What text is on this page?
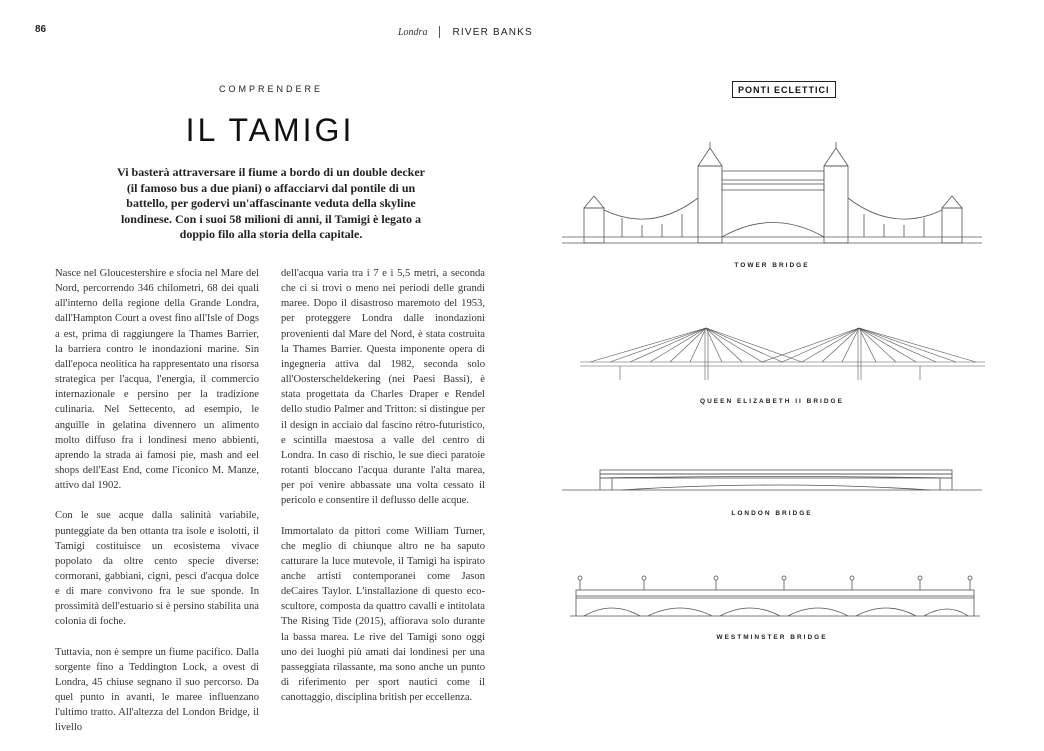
86	Londra	RIVER BANKS
COMPRENDERE
IL TAMIGI

Vi basterà attraversare il fiume a bordo di un double decker (il famoso bus a due piani) o affacciarvi dal pontile di un battello, per godervi un'affascinante veduta della skyline londinese. Con i suoi 58 milioni di anni, il Tamigi è legato a doppio filo alla storia della capitale.

Nasce nel Gloucestershire e sfocia nel Mare del Nord, percorrendo 346 chilometri, 68 dei quali all'interno della regione della Grande Londra, dall'Hampton Court a ovest fino all'Isle of Dogs a est, prima di raggiungere la Thames Barrier, la barriera contro le inondazioni marine. Sin dall'epoca neolitica ha rappresentato una risorsa strategica per l'acqua, l'energia, il commercio internazionale e persino per la tradizione culinaria. Nel Settecento, ad esempio, le anguille in gelatina divennero un alimento molto diffuso fra i londinesi meno abbienti, aprendo la strada ai famosi pie, mash and eel shops dell'East End, come l'iconico M. Manze, attivo dal 1902.

Con le sue acque dalla salinità variabile, punteggiate da ben ottanta tra isole e isolotti, il Tamigi costituisce un ecosistema vivace popolato da oltre cento specie diverse: cormorani, gabbiani, cigni, pesci d'acqua dolce e di mare convivono fra le sue sponde. In prossimità dell'estuario si è persino stabilita una colonia di foche.

Tuttavia, non è sempre un fiume pacifico. Dalla sorgente fino a Teddington Lock, a ovest di Londra, 45 chiuse segnano il suo percorso. Da quel punto in avanti, le maree influenzano l'ultimo tratto. All'altezza del London Bridge, il livello

dell'acqua varia tra i 7 e i 5,5 metri, a seconda che ci si trovi o meno nei periodi delle grandi maree. Dopo il disastroso maremoto del 1953, per proteggere Londra dalle inondazioni provenienti dal Mare del Nord, è stata costruita la Thames Barrier. Questa imponente opera di ingegneria attiva dal 1982, seconda solo all'Oosterscheldekering (nei Paesi Bassi), è stata progettata da Charles Draper e Rendel dello studio Palmer and Tritton: si distingue per il design in acciaio dal fascino rétro-futuristico, e scintilla maestosa a valle del centro di Londra. In caso di rischio, le sue dieci paratoie rotanti bloccano l'acqua durante l'alta marea, per poi venire abbassate una volta cessato il pericolo e consentire il deflusso delle acque.

Immortalato da pittori come William Turner, che meglio di chiunque altro ne ha saputo catturare la luce mutevole, il Tamigi ha ispirato anche artisti contemporanei come Jason deCaires Taylor. L'installazione di questo eco-scultore, composta da quattro cavalli e intitolata The Rising Tide (2015), affiorava solo durante la bassa marea. Le rive del Tamigi sono oggi uno dei luoghi più amati dai londinesi per una passeggiata rilassante, ma sono anche un punto di riferimento per sport nautici come il canottaggio, disciplina british per eccellenza.

PONTI ECLETTICI
TOWER BRIDGE
QUEEN ELIZABETH II BRIDGE
LONDON BRIDGE
WESTMINSTER BRIDGE
